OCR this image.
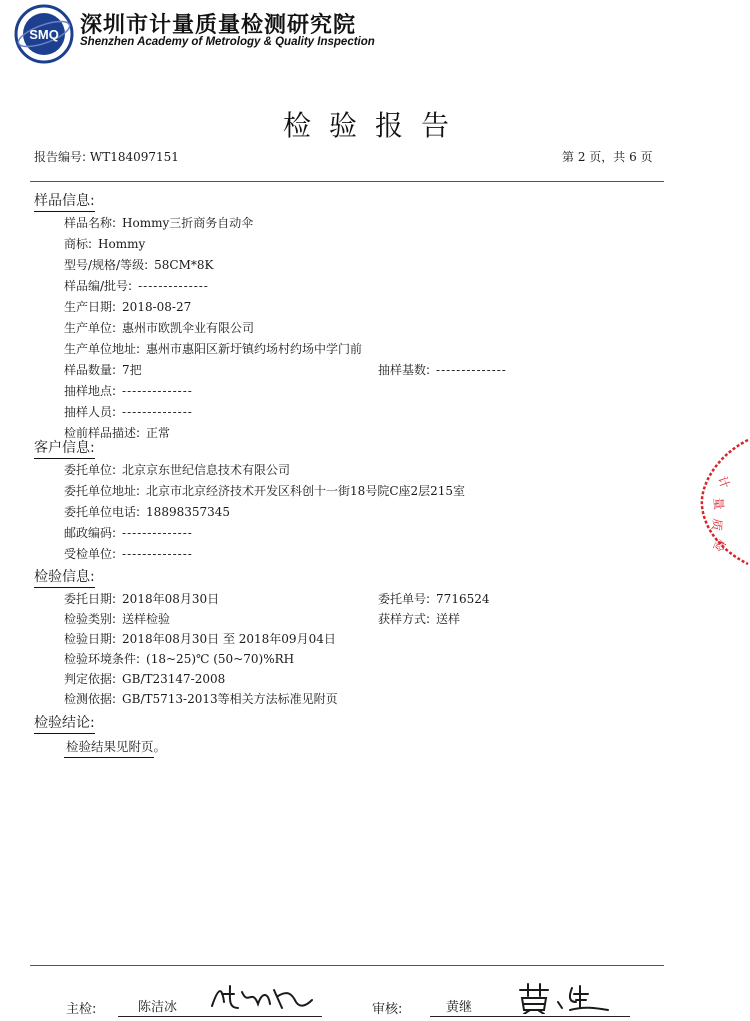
SMQ 深圳市计量质量检测研究院
Shenzhen Academy of Metrology & Quality Inspection
检验报告
报告编号: WT184097151	第 2 页，共 6 页
样品信息:
样品名称: Hommy三折商务自动伞
商标: Hommy
型号/规格/等级: 58CM*8K
样品编/批号: --------------
生产日期: 2018-08-27
生产单位: 惠州市欧凯伞业有限公司
生产单位地址: 惠州市惠阳区新圩镇约场村约场中学门前
样品数量: 7把	抽样基数: --------------
抽样地点: --------------
抽样人员: --------------
检前样品描述: 正常
客户信息:
委托单位: 北京京东世纪信息技术有限公司
委托单位地址: 北京市北京经济技术开发区科创十一街18号院C座2层215室
委托单位电话: 18898357345
邮政编码: --------------
受检单位: --------------
检验信息:
委托日期: 2018年08月30日	委托单号: 7716524
检验类别: 送样检验	获样方式: 送样
检验日期: 2018年08月30日 至 2018年09月04日
检验环境条件: (18~25)℃ (50~70)%RH
判定依据: GB/T23147-2008
检测依据: GB/T5713-2013等相关方法标准见附页
检验结论:
检验结果见附页。
计
量
质
检
主检:	陈洁冰	审核:	黄继
